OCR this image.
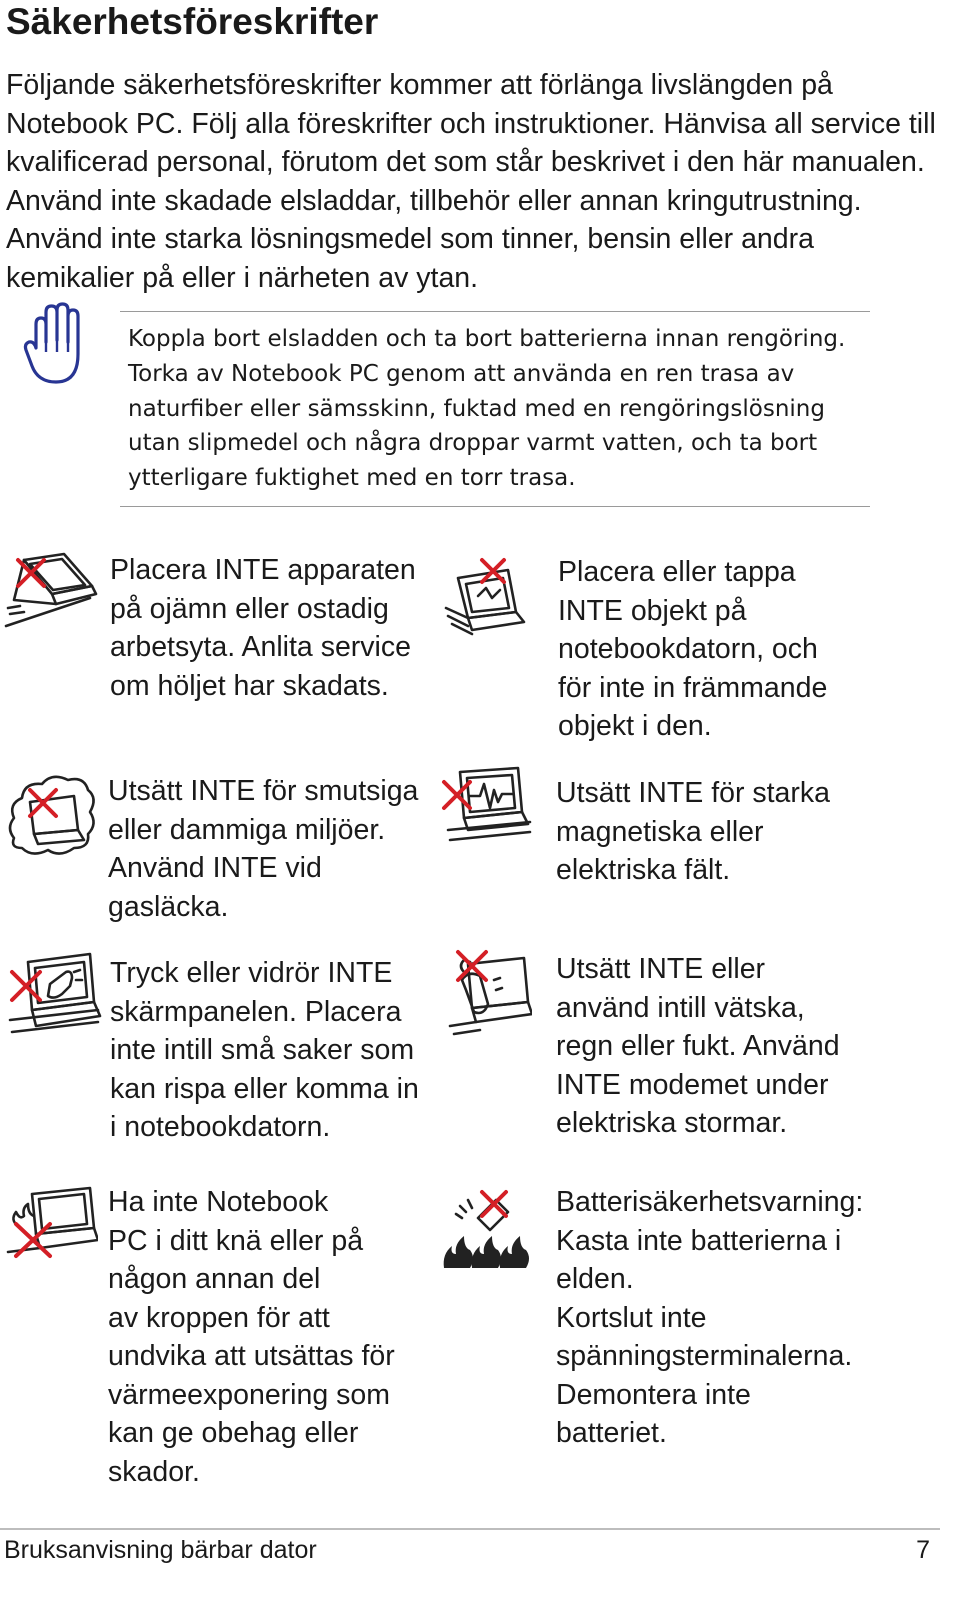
Säkerhetsföreskrifter

Följande säkerhetsföreskrifter kommer att förlänga livslängden på Notebook PC. Följ alla föreskrifter och instruktioner. Hänvisa all service till kvalificerad personal, förutom det som står beskrivet i den här manualen. Använd inte skadade elsladdar, tillbehör eller annan kringutrustning. Använd inte starka lösningsmedel som tinner, bensin eller andra kemikalier på eller i närheten av ytan.

Koppla bort elsladden och ta bort batterierna innan rengöring. Torka av Notebook PC genom att använda en ren trasa av naturfiber eller sämsskinn, fuktad med en rengöringslösning utan slipmedel och några droppar varmt vatten, och ta bort ytterligare fuktighet med en torr trasa.

Placera INTE apparaten
på ojämn eller ostadig
arbetsyta. Anlita service
om höljet har skadats.

Placera eller tappa
INTE objekt på
notebookdatorn, och
för inte in främmande
objekt i den.

Utsätt INTE för smutsiga
eller dammiga miljöer.
Använd INTE vid
gasläcka.

Utsätt INTE för starka
magnetiska eller
elektriska fält.

Tryck eller vidrör INTE
skärmpanelen. Placera
inte intill små saker som
kan rispa eller komma in
i notebookdatorn.

Utsätt INTE eller
använd intill vätska,
regn eller fukt. Använd
INTE modemet under
elektriska stormar.

Ha inte Notebook
PC i ditt knä eller på
någon annan del
av kroppen för att
undvika att utsättas för
värmeexponering som
kan ge obehag eller
skador.

Batterisäkerhetsvarning:
Kasta inte batterierna i
elden.
Kortslut inte
spänningsterminalerna.
Demontera inte
batteriet.

Bruksanvisning bärbar dator	7
